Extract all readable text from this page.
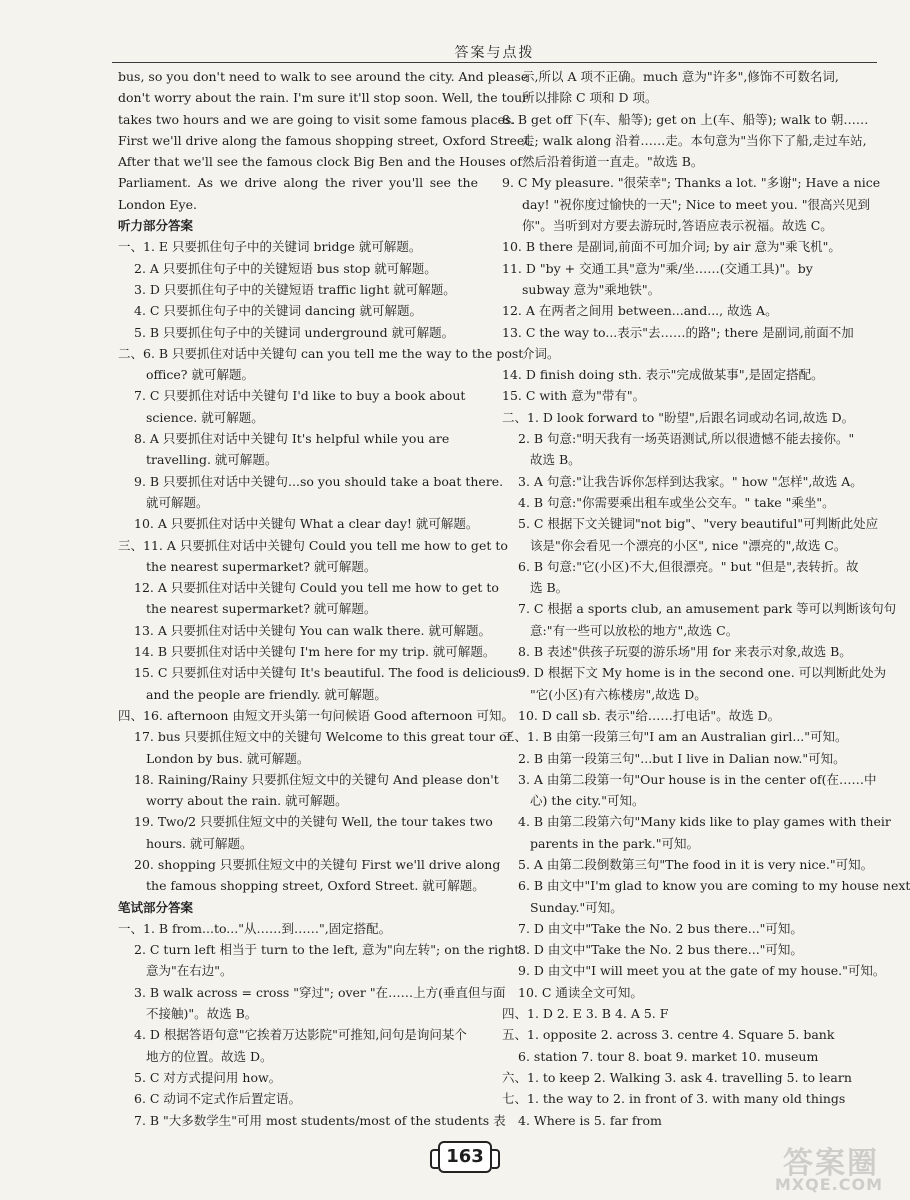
答案与点拨
bus, so you don't need to walk to see around the city. And please
don't worry about the rain. I'm sure it'll stop soon. Well, the tour
takes two hours and we are going to visit some famous places.
First we'll drive along the famous shopping street, Oxford Street.
After that we'll see the famous clock Big Ben and the Houses of
Parliament. As we drive along the river you'll see the
London Eye.
听力部分答案
一、1. E 只要抓住句子中的关键词 bridge 就可解题。
2. A 只要抓住句子中的关键短语 bus stop 就可解题。
3. D 只要抓住句子中的关键短语 traffic light 就可解题。
4. C 只要抓住句子中的关键词 dancing 就可解题。
5. B 只要抓住句子中的关键词 underground 就可解题。
二、6. B 只要抓住对话中关键句 can you tell me the way to the post
office? 就可解题。
7. C 只要抓住对话中关键句 I'd like to buy a book about
science. 就可解题。
8. A 只要抓住对话中关键句 It's helpful while you are
travelling. 就可解题。
9. B 只要抓住对话中关键句...so you should take a boat there.
就可解题。
10. A 只要抓住对话中关键句 What a clear day! 就可解题。
三、11. A 只要抓住对话中关键句 Could you tell me how to get to
the nearest supermarket? 就可解题。
12. A 只要抓住对话中关键句 Could you tell me how to get to
the nearest supermarket? 就可解题。
13. A 只要抓住对话中关键句 You can walk there. 就可解题。
14. B 只要抓住对话中关键句 I'm here for my trip. 就可解题。
15. C 只要抓住对话中关键句 It's beautiful. The food is delicious
and the people are friendly. 就可解题。
四、16. afternoon 由短文开头第一句问候语 Good afternoon 可知。
17. bus 只要抓住短文中的关键句 Welcome to this great tour of
London by bus. 就可解题。
18. Raining/Rainy 只要抓住短文中的关键句 And please don't
worry about the rain. 就可解题。
19. Two/2 只要抓住短文中的关键句 Well, the tour takes two
hours. 就可解题。
20. shopping 只要抓住短文中的关键句 First we'll drive along
the famous shopping street, Oxford Street. 就可解题。
笔试部分答案
一、1. B from...to..."从……到……",固定搭配。
2. C turn left 相当于 turn to the left, 意为"向左转"; on the right
意为"在右边"。
3. B walk across = cross "穿过"; over "在……上方(垂直但与面
不接触)"。故选 B。
4. D 根据答语句意"它挨着万达影院"可推知,问句是询问某个
地方的位置。故选 D。
5. C 对方式提问用 how。
6. C 动词不定式作后置定语。
7. B "大多数学生"可用 most students/most of the students 表
示,所以 A 项不正确。much 意为"许多",修饰不可数名词,
所以排除 C 项和 D 项。
8. B get off 下(车、船等); get on 上(车、船等); walk to 朝……
走; walk along 沿着……走。本句意为"当你下了船,走过车站,
然后沿着街道一直走。"故选 B。
9. C My pleasure. "很荣幸"; Thanks a lot. "多谢"; Have a nice
day! "祝你度过愉快的一天"; Nice to meet you. "很高兴见到
你"。当听到对方要去游玩时,答语应表示祝福。故选 C。
10. B there 是副词,前面不可加介词; by air 意为"乘飞机"。
11. D "by + 交通工具"意为"乘/坐……(交通工具)"。by
subway 意为"乘地铁"。
12. A 在两者之间用 between...and..., 故选 A。
13. C the way to...表示"去……的路"; there 是副词,前面不加
介词。
14. D finish doing sth. 表示"完成做某事",是固定搭配。
15. C with 意为"带有"。
二、1. D look forward to "盼望",后跟名词或动名词,故选 D。
2. B 句意:"明天我有一场英语测试,所以很遗憾不能去接你。"
故选 B。
3. A 句意:"让我告诉你怎样到达我家。" how "怎样",故选 A。
4. B 句意:"你需要乘出租车或坐公交车。" take "乘坐"。
5. C 根据下文关键词"not big"、"very beautiful"可判断此处应
该是"你会看见一个漂亮的小区", nice "漂亮的",故选 C。
6. B 句意:"它(小区)不大,但很漂亮。" but "但是",表转折。故
选 B。
7. C 根据 a sports club, an amusement park 等可以判断该句句
意:"有一些可以放松的地方",故选 C。
8. B 表述"供孩子玩耍的游乐场"用 for 来表示对象,故选 B。
9. D 根据下文 My home is in the second one. 可以判断此处为
"它(小区)有六栋楼房",故选 D。
10. D call sb. 表示"给……打电话"。故选 D。
三、1. B 由第一段第三句"I am an Australian girl..."可知。
2. B 由第一段第三句"...but I live in Dalian now."可知。
3. A 由第二段第一句"Our house is in the center of(在……中
心) the city."可知。
4. B 由第二段第六句"Many kids like to play games with their
parents in the park."可知。
5. A 由第二段倒数第三句"The food in it is very nice."可知。
6. B 由文中"I'm glad to know you are coming to my house next
Sunday."可知。
7. D 由文中"Take the No. 2 bus there..."可知。
8. D 由文中"Take the No. 2 bus there..."可知。
9. D 由文中"I will meet you at the gate of my house."可知。
10. C 通读全文可知。
四、1. D 2. E 3. B 4. A 5. F
五、1. opposite 2. across 3. centre 4. Square 5. bank
6. station 7. tour 8. boat 9. market 10. museum
六、1. to keep 2. Walking 3. ask 4. travelling 5. to learn
七、1. the way to 2. in front of 3. with many old things
4. Where is 5. far from
163	答案圈
MXQE.COM
